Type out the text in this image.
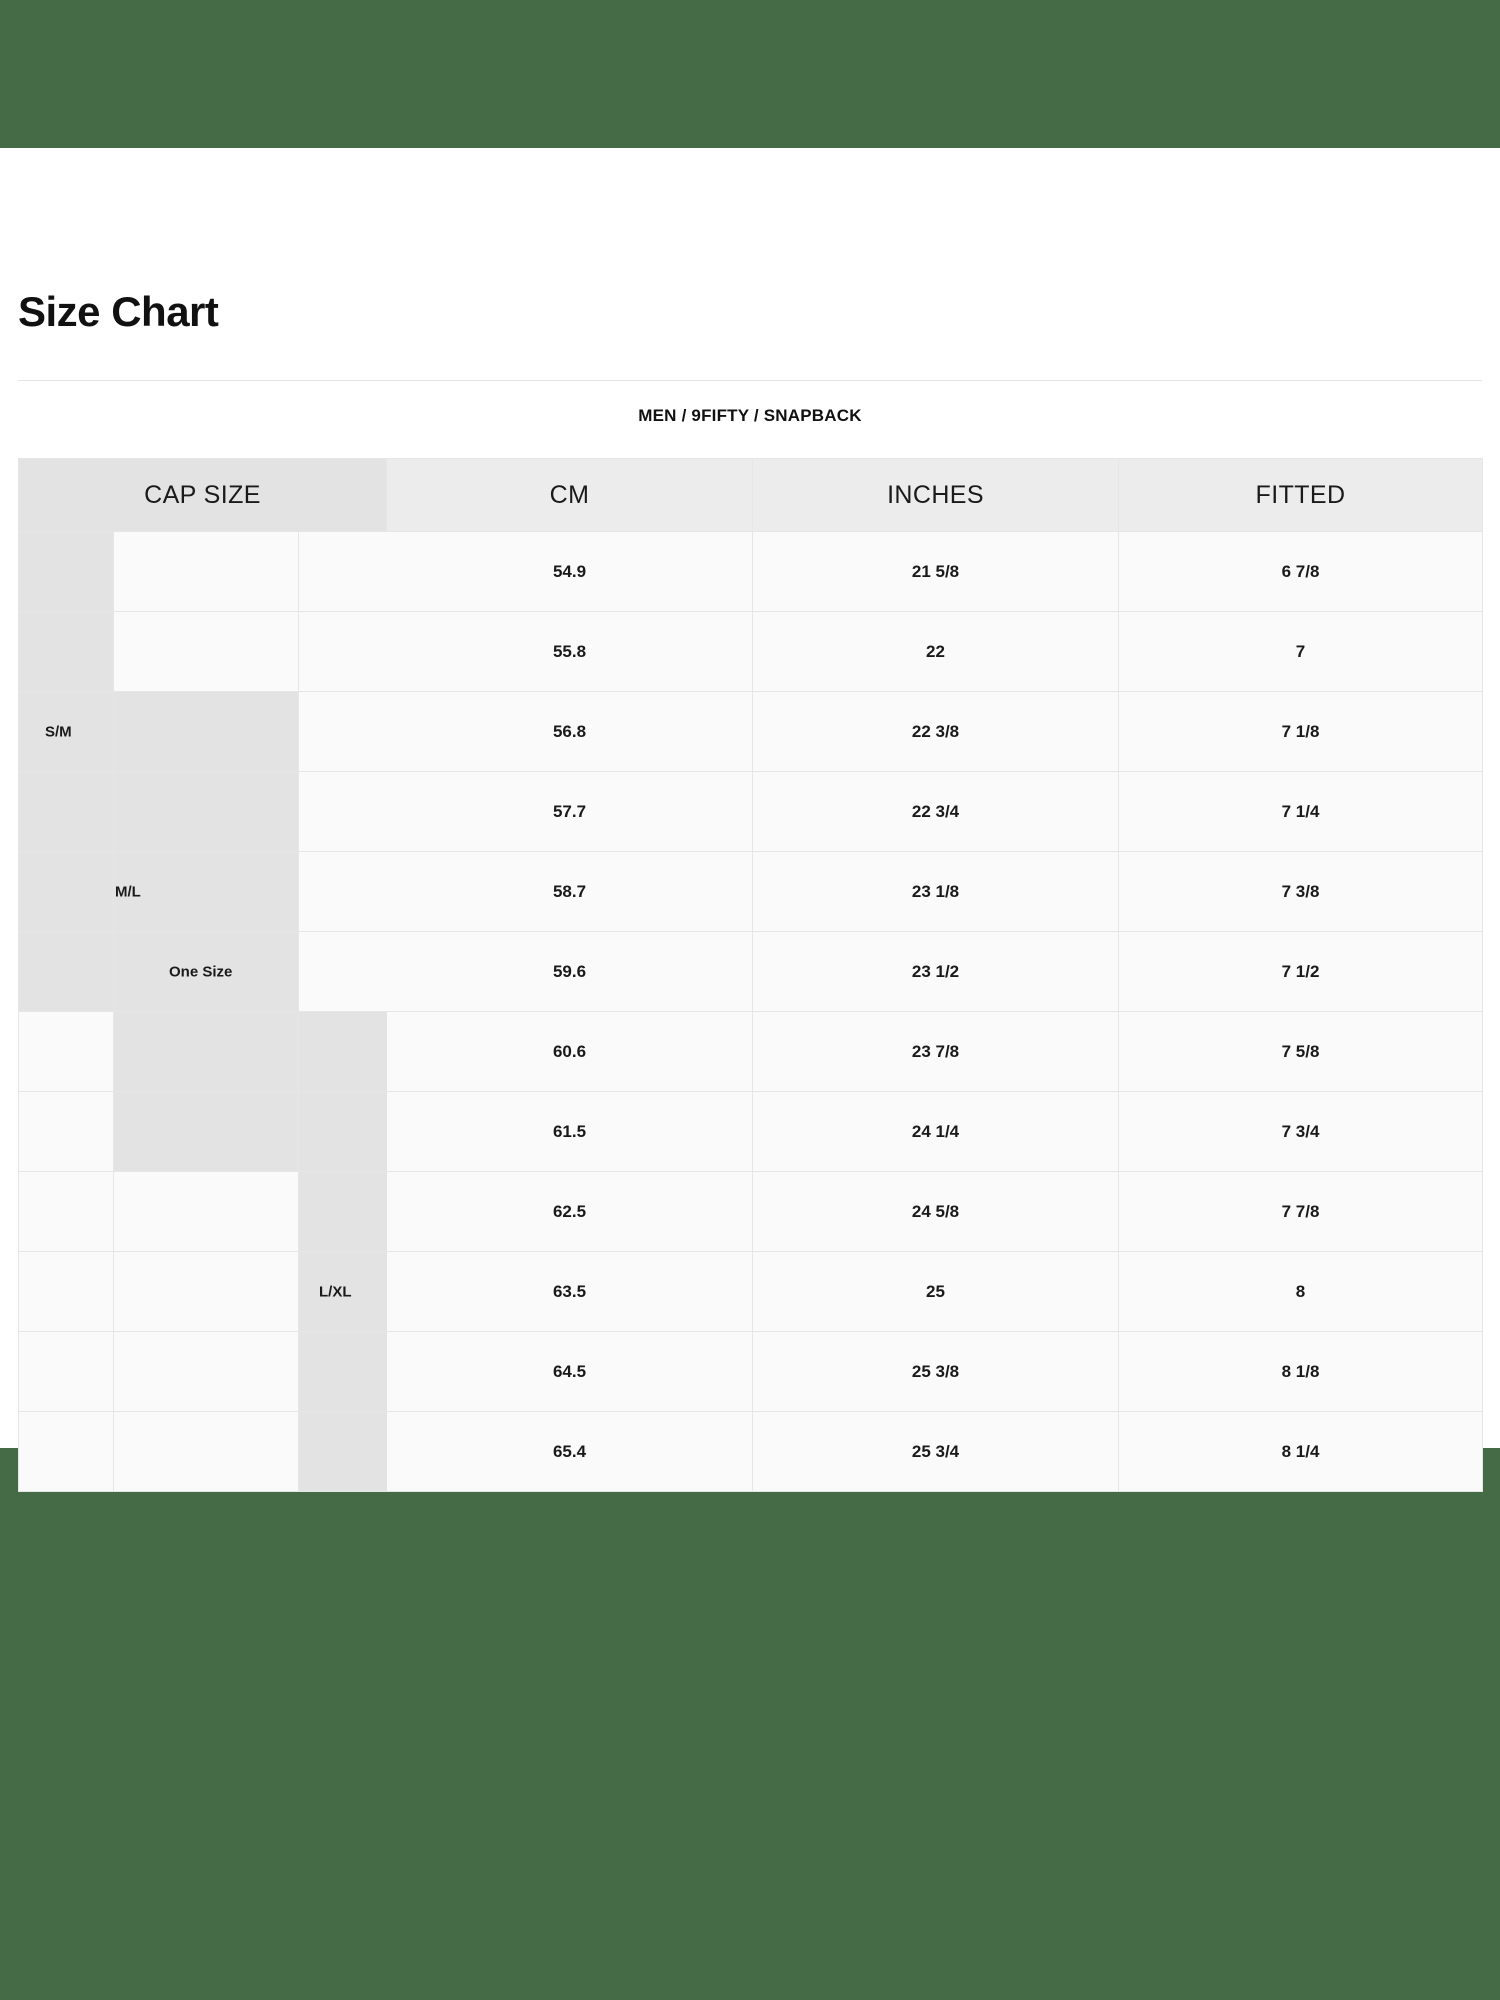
Size Chart
MEN / 9FIFTY / SNAPBACK
CAP SIZE	CM	INCHES	FITTED

	54.9	21 5/8	6 7/8

	55.8	22	7

S/M	56.8	22 3/8	7 1/8

	57.7	22 3/4	7 1/4

M/L	58.7	23 1/8	7 3/8

One Size	59.6	23 1/2	7 1/2

	60.6	23 7/8	7 5/8

	61.5	24 1/4	7 3/4

	62.5	24 5/8	7 7/8

L/XL	63.5	25	8

	64.5	25 3/8	8 1/8

	65.4	25 3/4	8 1/4
